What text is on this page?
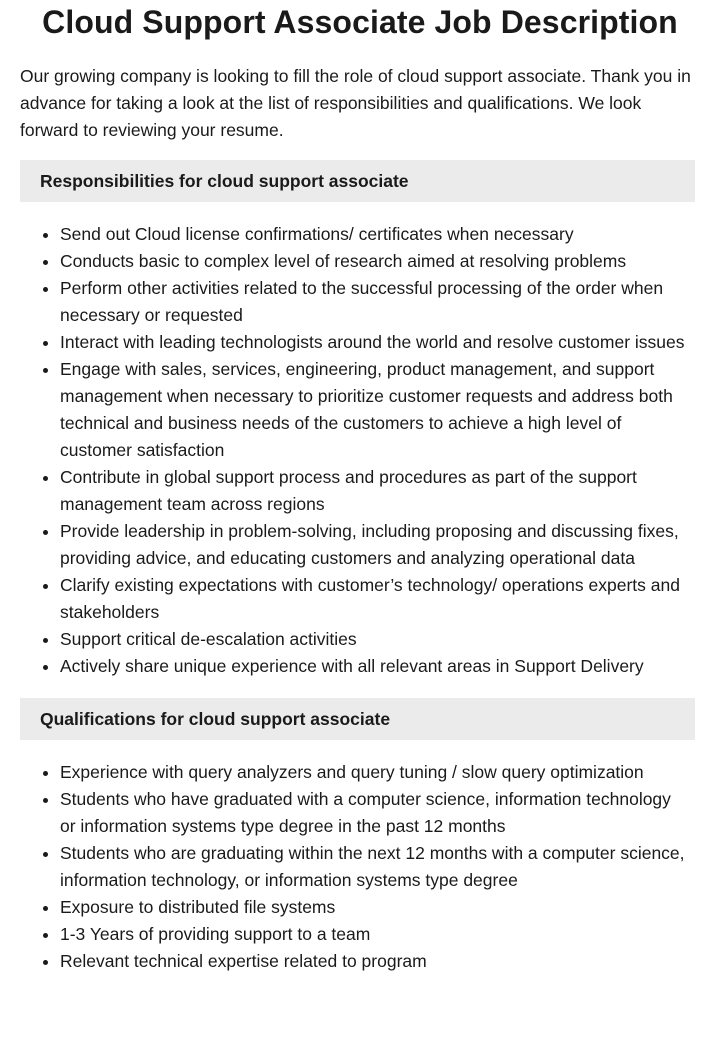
Cloud Support Associate Job Description

Our growing company is looking to fill the role of cloud support associate. Thank you in advance for taking a look at the list of responsibilities and qualifications. We look forward to reviewing your resume.

Responsibilities for cloud support associate
• Send out Cloud license confirmations/ certificates when necessary
• Conducts basic to complex level of research aimed at resolving problems
• Perform other activities related to the successful processing of the order when necessary or requested
• Interact with leading technologists around the world and resolve customer issues
• Engage with sales, services, engineering, product management, and support management when necessary to prioritize customer requests and address both technical and business needs of the customers to achieve a high level of customer satisfaction
• Contribute in global support process and procedures as part of the support management team across regions
• Provide leadership in problem-solving, including proposing and discussing fixes, providing advice, and educating customers and analyzing operational data
• Clarify existing expectations with customer’s technology/ operations experts and stakeholders
• Support critical de-escalation activities
• Actively share unique experience with all relevant areas in Support Delivery
Qualifications for cloud support associate
• Experience with query analyzers and query tuning / slow query optimization
• Students who have graduated with a computer science, information technology or information systems type degree in the past 12 months
• Students who are graduating within the next 12 months with a computer science, information technology, or information systems type degree
• Exposure to distributed file systems
• 1-3 Years of providing support to a team
• Relevant technical expertise related to program
